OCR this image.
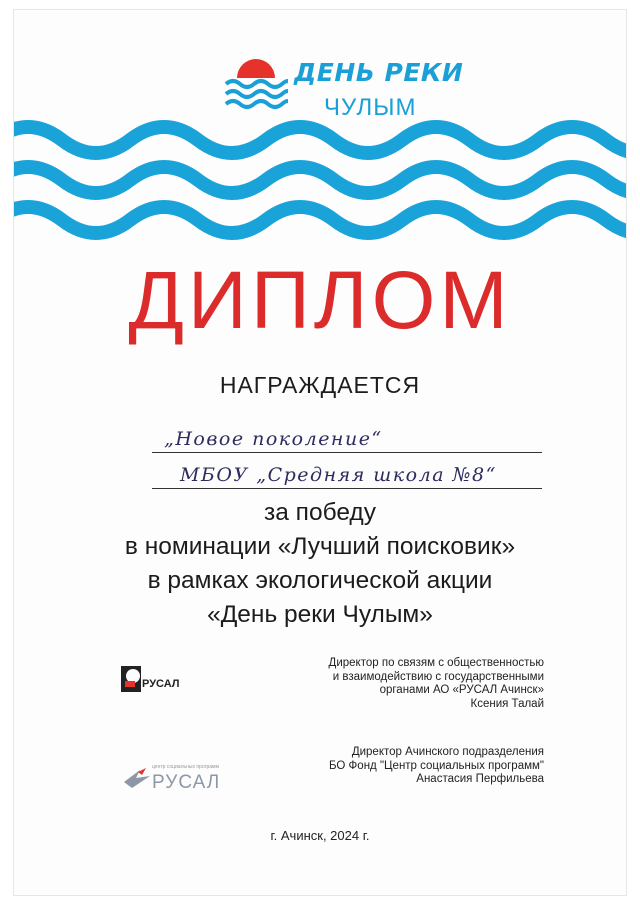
ДЕНЬ РЕКИ
ЧУЛЫМ
ДИПЛОМ
НАГРАЖДАЕТСЯ
„Новое поколение“
МБОУ „Средняя школа №8“
за победу
в номинации «Лучший поисковик»
в рамках экологической акции
«День реки Чулым»
РУСАЛ
Директор по связям с общественностью
и взаимодействию с государственными
органами АО «РУСАЛ Ачинск»
Ксения Талай
центр социальных программ
РУСАЛ
Директор Ачинского подразделения
БО Фонд "Центр социальных программ"
Анастасия Перфильева
г. Ачинск, 2024 г.
